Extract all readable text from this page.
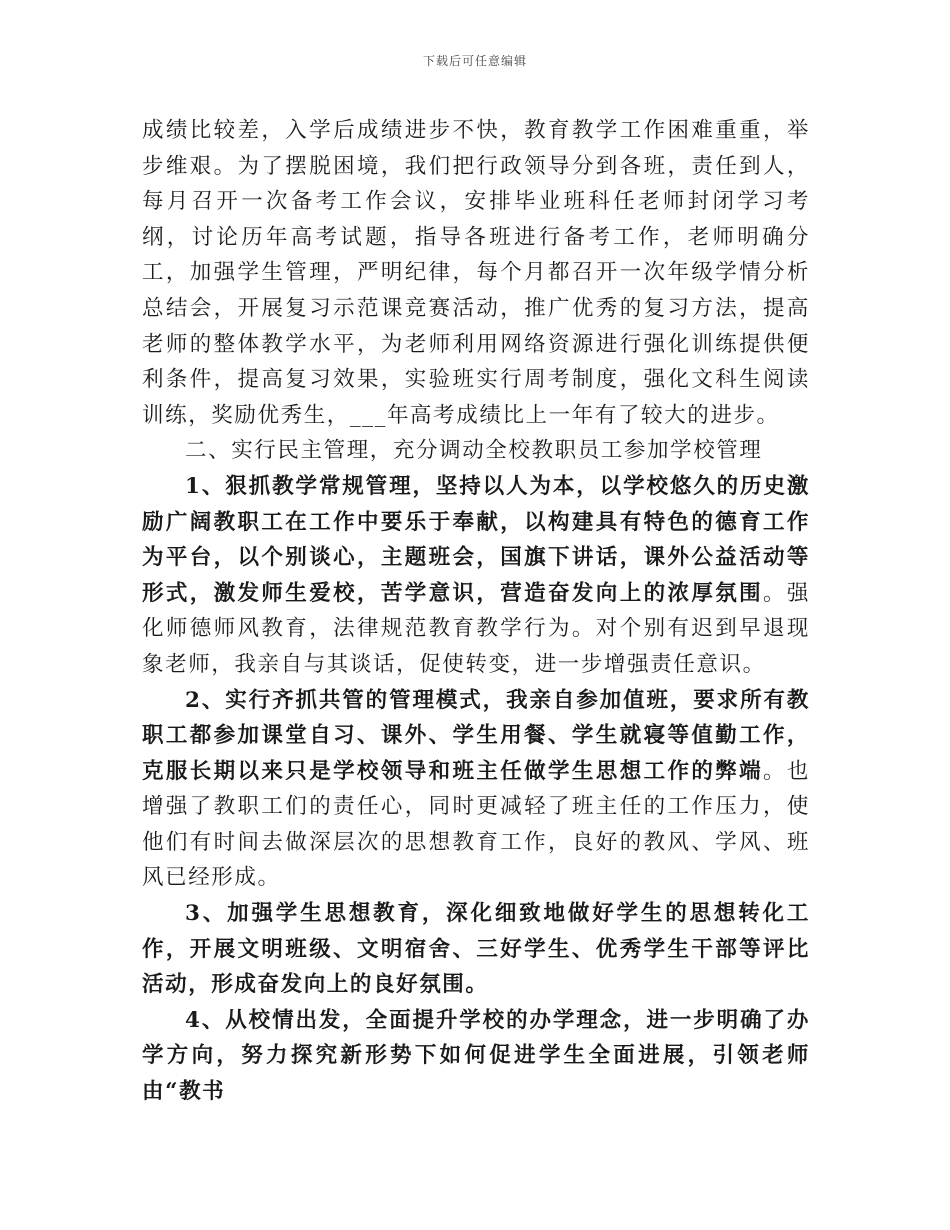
下载后可任意编辑

成绩比较差，入学后成绩进步不快，教育教学工作困难重重，举步维艰。为了摆脱困境，我们把行政领导分到各班，责任到人，每月召开一次备考工作会议，安排毕业班科任老师封闭学习考纲，讨论历年高考试题，指导各班进行备考工作，老师明确分工，加强学生管理，严明纪律，每个月都召开一次年级学情分析总结会，开展复习示范课竞赛活动，推广优秀的复习方法，提高老师的整体教学水平，为老师利用网络资源进行强化训练提供便利条件，提高复习效果，实验班实行周考制度，强化文科生阅读训练，奖励优秀生，___年高考成绩比上一年有了较大的进步。

二、实行民主管理，充分调动全校教职员工参加学校管理

1、狠抓教学常规管理，坚持以人为本，以学校悠久的历史激励广阔教职工在工作中要乐于奉献，以构建具有特色的德育工作为平台，以个别谈心，主题班会，国旗下讲话，课外公益活动等形式，激发师生爱校，苦学意识，营造奋发向上的浓厚氛围。强化师德师风教育，法律规范教育教学行为。对个别有迟到早退现象老师，我亲自与其谈话，促使转变，进一步增强责任意识。

2、实行齐抓共管的管理模式，我亲自参加值班，要求所有教职工都参加课堂自习、课外、学生用餐、学生就寝等值勤工作，克服长期以来只是学校领导和班主任做学生思想工作的弊端。也增强了教职工们的责任心，同时更减轻了班主任的工作压力，使他们有时间去做深层次的思想教育工作，良好的教风、学风、班风已经形成。

3、加强学生思想教育，深化细致地做好学生的思想转化工作，开展文明班级、文明宿舍、三好学生、优秀学生干部等评比活动，形成奋发向上的良好氛围。

4、从校情出发，全面提升学校的办学理念，进一步明确了办学方向，努力探究新形势下如何促进学生全面进展，引领老师由“教书
